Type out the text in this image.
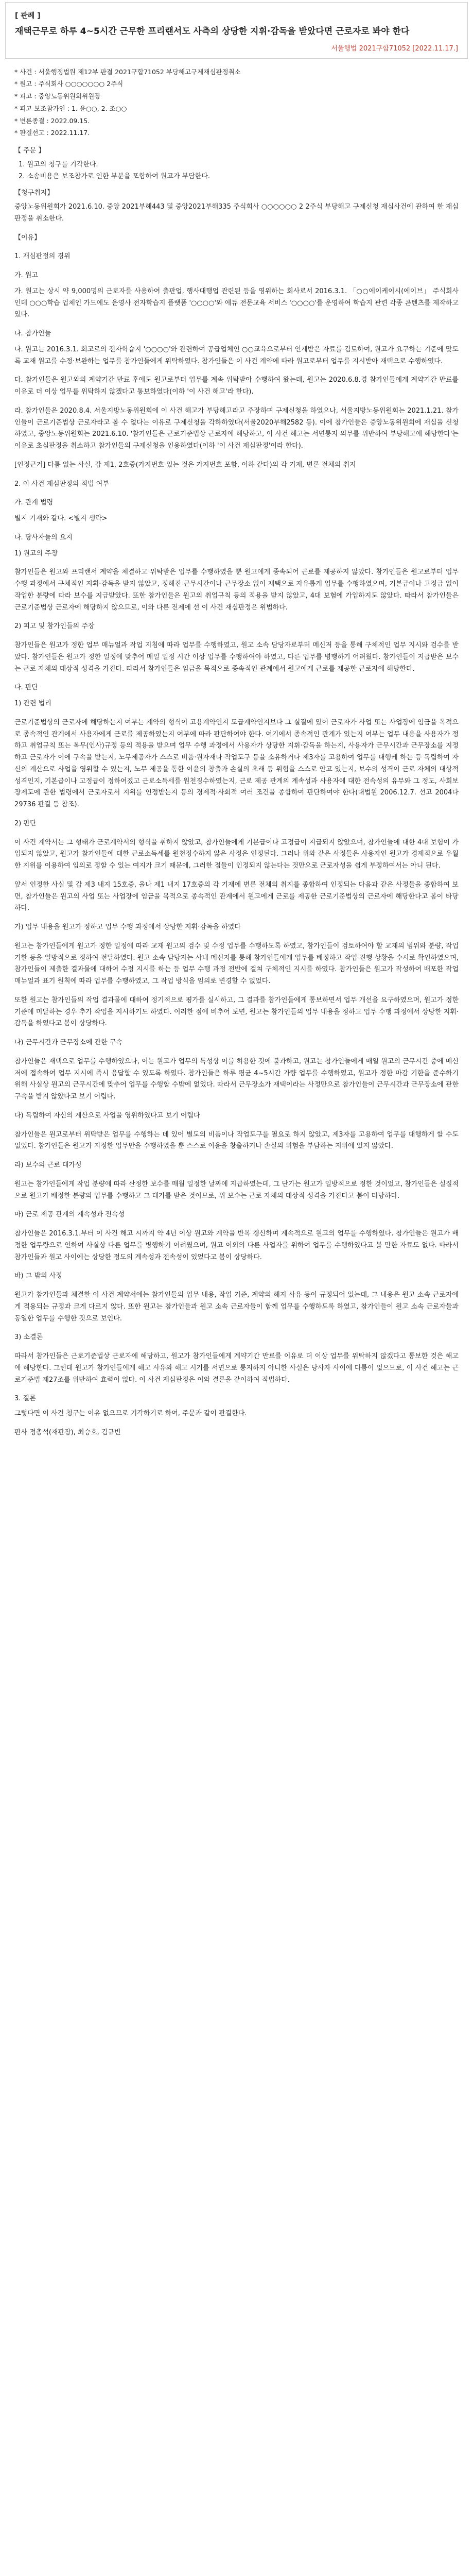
[ 판례 ]

재택근무로 하루 4~5시간 근무한 프리랜서도 사측의 상당한 지휘·감독을 받았다면 근로자로 봐야 한다

서울행법 2021구합71052 [2022.11.17.]

* 사건 : 서울행정법원 제12부 판결 2021구합71052 부당해고구제재심판정취소
* 원고 : 주식회사 ○○○○○○○ 2주식
* 피고 : 중앙노동위원회위원장
* 피고 보조참가인 : 1. 윤○○, 2. 조○○
* 변론종결 : 2022.09.15.
* 판결선고 : 2022.11.17.
【 주문 】
1. 원고의 청구를 기각한다.
2. 소송비용은 보조참가로 인한 부분을 포함하여 원고가 부담한다.
【청구취지】

중앙노동위원회가 2021.6.10. 중앙 2021부해443 및 중앙2021부해335 주식회사 ○○○○○○ 2 2주식 부당해고 구제신청 재심사건에 관하여 한 재심판정을 취소한다.

【이유】
1. 재심판정의 경위
가. 원고

가. 원고는 상시 약 9,000명의 근로자를 사용하여 출판업, 행사대행업 관련된 등을 영위하는 회사로서 2016.3.1. 「○○에이케이시(에이브」 주식회사인데 ○○○학습 업체인 가드에도 운영사 전자학습지 플랫폼 '○○○○'와 에듀 전문교육 서비스 '○○○○'를 운영하여 학습지 관련 각종 콘텐츠를 제작하고 있다.

나. 참가인들

나. 원고는 2016.3.1. 회고로의 전자학습지 '○○○○'와 관련하여 공급업체인 ○○교육으로부터 인계받은 자료를 검토하여, 원고가 요구하는 기준에 맞도록 교재 원고를 수정·보완하는 업무를 참가인들에게 위탁하였다. 참가인들은 이 사건 계약에 따라 원고로부터 업무를 지시받아 재택으로 수행하였다.

다. 참가인들은 원고와의 계약기간 만료 후에도 원고로부터 업무를 계속 위탁받아 수행하여 왔는데, 원고는 2020.6.8.경 참가인들에게 계약기간 만료를 이유로 더 이상 업무를 위탁하지 않겠다고 통보하였다(이하 '이 사건 해고'라 한다).

라. 참가인들은 2020.8.4. 서울지방노동위원회에 이 사건 해고가 부당해고라고 주장하며 구제신청을 하였으나, 서울지방노동위원회는 2021.1.21. 참가인들이 근로기준법상 근로자라고 볼 수 없다는 이유로 구제신청을 각하하였다(서울2020부해2582 등). 이에 참가인들은 중앙노동위원회에 재심을 신청하였고, 중앙노동위원회는 2021.6.10. '참가인들은 근로기준법상 근로자에 해당하고, 이 사건 해고는 서면통지 의무를 위반하여 부당해고에 해당한다'는 이유로 초심판정을 취소하고 참가인들의 구제신청을 인용하였다(이하 '이 사건 재심판정'이라 한다).

[인정근거] 다툼 없는 사실, 갑 제1, 2호증(가지번호 있는 것은 가지번호 포함, 이하 같다)의 각 기재, 변론 전체의 취지

2. 이 사건 재심판정의 적법 여부
가. 관계 법령

별지 기재와 같다. <별지 생략>

나. 당사자들의 요지

1) 원고의 주장

참가인들은 원고와 프리랜서 계약을 체결하고 위탁받은 업무를 수행하였을 뿐 원고에게 종속되어 근로를 제공하지 않았다. 참가인들은 원고로부터 업무 수행 과정에서 구체적인 지휘·감독을 받지 않았고, 정해진 근무시간이나 근무장소 없이 재택으로 자유롭게 업무를 수행하였으며, 기본급이나 고정급 없이 작업한 분량에 따라 보수를 지급받았다. 또한 참가인들은 원고의 취업규칙 등의 적용을 받지 않았고, 4대 보험에 가입하지도 않았다. 따라서 참가인들은 근로기준법상 근로자에 해당하지 않으므로, 이와 다른 전제에 선 이 사건 재심판정은 위법하다.

2) 피고 및 참가인들의 주장

참가인들은 원고가 정한 업무 매뉴얼과 작업 지침에 따라 업무를 수행하였고, 원고 소속 담당자로부터 메신저 등을 통해 구체적인 업무 지시와 검수를 받았다. 참가인들은 원고가 정한 일정에 맞추어 매일 일정 시간 이상 업무를 수행하여야 하였고, 다른 업무를 병행하기 어려웠다. 참가인들이 지급받은 보수는 근로 자체의 대상적 성격을 가진다. 따라서 참가인들은 임금을 목적으로 종속적인 관계에서 원고에게 근로를 제공한 근로자에 해당한다.

다. 판단

1) 관련 법리

근로기준법상의 근로자에 해당하는지 여부는 계약의 형식이 고용계약인지 도급계약인지보다 그 실질에 있어 근로자가 사업 또는 사업장에 임금을 목적으로 종속적인 관계에서 사용자에게 근로를 제공하였는지 여부에 따라 판단하여야 한다. 여기에서 종속적인 관계가 있는지 여부는 업무 내용을 사용자가 정하고 취업규칙 또는 복무(인사)규정 등의 적용을 받으며 업무 수행 과정에서 사용자가 상당한 지휘·감독을 하는지, 사용자가 근무시간과 근무장소를 지정하고 근로자가 이에 구속을 받는지, 노무제공자가 스스로 비품·원자재나 작업도구 등을 소유하거나 제3자를 고용하여 업무를 대행케 하는 등 독립하여 자신의 계산으로 사업을 영위할 수 있는지, 노무 제공을 통한 이윤의 창출과 손실의 초래 등 위험을 스스로 안고 있는지, 보수의 성격이 근로 자체의 대상적 성격인지, 기본급이나 고정급이 정하여졌고 근로소득세를 원천징수하였는지, 근로 제공 관계의 계속성과 사용자에 대한 전속성의 유무와 그 정도, 사회보장제도에 관한 법령에서 근로자로서 지위를 인정받는지 등의 경제적·사회적 여러 조건을 종합하여 판단하여야 한다(대법원 2006.12.7. 선고 2004다29736 판결 등 참조).

2) 판단

이 사건 계약서는 그 형태가 근로계약서의 형식을 취하지 않았고, 참가인들에게 기본급이나 고정급이 지급되지 않았으며, 참가인들에 대한 4대 보험이 가입되지 않았고, 원고가 참가인들에 대한 근로소득세를 원천징수하지 않은 사정은 인정된다. 그러나 위와 같은 사정들은 사용자인 원고가 경제적으로 우월한 지위를 이용하여 임의로 정할 수 있는 여지가 크기 때문에, 그러한 점들이 인정되지 않는다는 것만으로 근로자성을 쉽게 부정하여서는 아니 된다.

앞서 인정한 사실 및 갑 제3 내지 15호증, 을나 제1 내지 17호증의 각 기재에 변론 전체의 취지를 종합하여 인정되는 다음과 같은 사정들을 종합하여 보면, 참가인들은 원고의 사업 또는 사업장에 임금을 목적으로 종속적인 관계에서 원고에게 근로를 제공한 근로기준법상의 근로자에 해당한다고 봄이 타당하다.

가) 업무 내용을 원고가 정하고 업무 수행 과정에서 상당한 지휘·감독을 하였다

원고는 참가인들에게 원고가 정한 일정에 따라 교재 원고의 검수 및 수정 업무를 수행하도록 하였고, 참가인들이 검토하여야 할 교재의 범위와 분량, 작업 기한 등을 일방적으로 정하여 전달하였다. 원고 소속 담당자는 사내 메신저를 통해 참가인들에게 업무를 배정하고 작업 진행 상황을 수시로 확인하였으며, 참가인들이 제출한 결과물에 대하여 수정 지시를 하는 등 업무 수행 과정 전반에 걸쳐 구체적인 지시를 하였다. 참가인들은 원고가 작성하여 배포한 작업 매뉴얼과 표기 원칙에 따라 업무를 수행하였고, 그 작업 방식을 임의로 변경할 수 없었다.

또한 원고는 참가인들의 작업 결과물에 대하여 정기적으로 평가를 실시하고, 그 결과를 참가인들에게 통보하면서 업무 개선을 요구하였으며, 원고가 정한 기준에 미달하는 경우 추가 작업을 지시하기도 하였다. 이러한 점에 비추어 보면, 원고는 참가인들의 업무 내용을 정하고 업무 수행 과정에서 상당한 지휘·감독을 하였다고 봄이 상당하다.

나) 근무시간과 근무장소에 관한 구속

참가인들은 재택으로 업무를 수행하였으나, 이는 원고가 업무의 특성상 이를 허용한 것에 불과하고, 원고는 참가인들에게 매일 원고의 근무시간 중에 메신저에 접속하여 업무 지시에 즉시 응답할 수 있도록 하였다. 참가인들은 하루 평균 4~5시간 가량 업무를 수행하였고, 원고가 정한 마감 기한을 준수하기 위해 사실상 원고의 근무시간에 맞추어 업무를 수행할 수밖에 없었다. 따라서 근무장소가 재택이라는 사정만으로 참가인들이 근무시간과 근무장소에 관한 구속을 받지 않았다고 보기 어렵다.

다) 독립하여 자신의 계산으로 사업을 영위하였다고 보기 어렵다

참가인들은 원고로부터 위탁받은 업무를 수행하는 데 있어 별도의 비품이나 작업도구를 필요로 하지 않았고, 제3자를 고용하여 업무를 대행하게 할 수도 없었다. 참가인들은 원고가 지정한 업무만을 수행하였을 뿐 스스로 이윤을 창출하거나 손실의 위험을 부담하는 지위에 있지 않았다.

라) 보수의 근로 대가성

원고는 참가인들에게 작업 분량에 따라 산정한 보수를 매월 일정한 날짜에 지급하였는데, 그 단가는 원고가 일방적으로 정한 것이었고, 참가인들은 실질적으로 원고가 배정한 분량의 업무를 수행하고 그 대가를 받은 것이므로, 위 보수는 근로 자체의 대상적 성격을 가진다고 봄이 타당하다.

마) 근로 제공 관계의 계속성과 전속성

참가인들은 2016.3.1.부터 이 사건 해고 시까지 약 4년 이상 원고와 계약을 반복 갱신하며 계속적으로 원고의 업무를 수행하였다. 참가인들은 원고가 배정한 업무량으로 인하여 사실상 다른 업무를 병행하기 어려웠으며, 원고 이외의 다른 사업자를 위하여 업무를 수행하였다고 볼 만한 자료도 없다. 따라서 참가인들과 원고 사이에는 상당한 정도의 계속성과 전속성이 있었다고 봄이 상당하다.

바) 그 밖의 사정

원고가 참가인들과 체결한 이 사건 계약서에는 참가인들의 업무 내용, 작업 기준, 계약의 해지 사유 등이 규정되어 있는데, 그 내용은 원고 소속 근로자에게 적용되는 규정과 크게 다르지 않다. 또한 원고는 참가인들과 원고 소속 근로자들이 함께 업무를 수행하도록 하였고, 참가인들이 원고 소속 근로자들과 동일한 업무를 수행한 것으로 보인다.

3) 소결론

따라서 참가인들은 근로기준법상 근로자에 해당하고, 원고가 참가인들에게 계약기간 만료를 이유로 더 이상 업무를 위탁하지 않겠다고 통보한 것은 해고에 해당한다. 그런데 원고가 참가인들에게 해고 사유와 해고 시기를 서면으로 통지하지 아니한 사실은 당사자 사이에 다툼이 없으므로, 이 사건 해고는 근로기준법 제27조를 위반하여 효력이 없다. 이 사건 재심판정은 이와 결론을 같이하여 적법하다.

3. 결론

그렇다면 이 사건 청구는 이유 없으므로 기각하기로 하여, 주문과 같이 판결한다.

판사 정총석(재판장), 최승호, 김규빈
